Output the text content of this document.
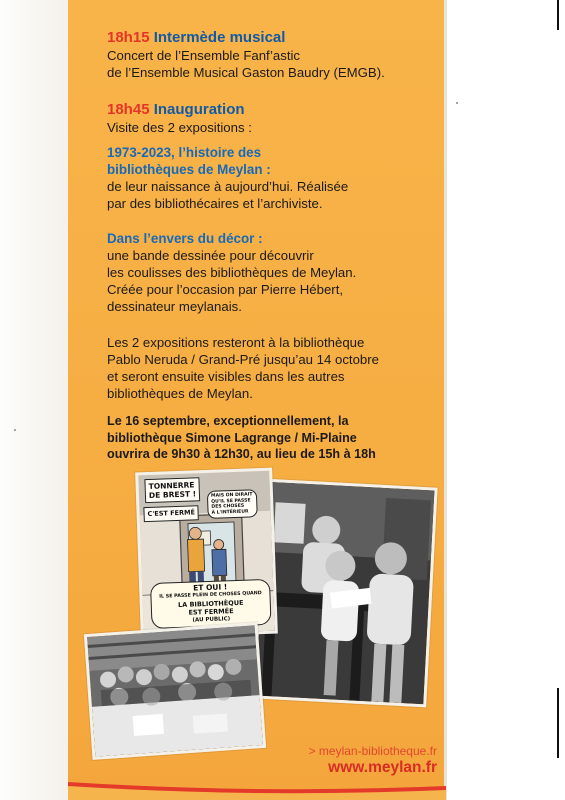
18h15 Intermède musical

Concert de l’Ensemble Fanf’astic

de l’Ensemble Musical Gaston Baudry (EMGB).

18h45 Inauguration

Visite des 2 expositions :

1973-2023, l’histoire des

bibliothèques de Meylan :

de leur naissance à aujourd’hui. Réalisée

par des bibliothécaires et l’archiviste.

Dans l’envers du décor :

une bande dessinée pour découvrir

les coulisses des bibliothèques de Meylan.

Créée pour l’occasion par Pierre Hébert,

dessinateur meylanais.

Les 2 expositions resteront à la bibliothèque

Pablo Neruda / Grand-Pré jusqu’au 14 octobre

et seront ensuite visibles dans les autres

bibliothèques de Meylan.

Le 16 septembre, exceptionnellement, la

bibliothèque Simone Lagrange / Mi-Plaine

ouvrira de 9h30 à 12h30, au lieu de 15h à 18h

TONNERRE
DE BREST !
C'EST FERMÉ
MAIS ON DIRAIT
QU'IL SE PASSE
DES CHOSES
À L'INTÉRIEUR
ET OUI !
IL SE PASSE PLEIN DE CHOSES QUAND
LA BIBLIOTHÈQUE
EST FERMÉE
(AU PUBLIC)
> meylan-bibliotheque.fr
www.meylan.fr
